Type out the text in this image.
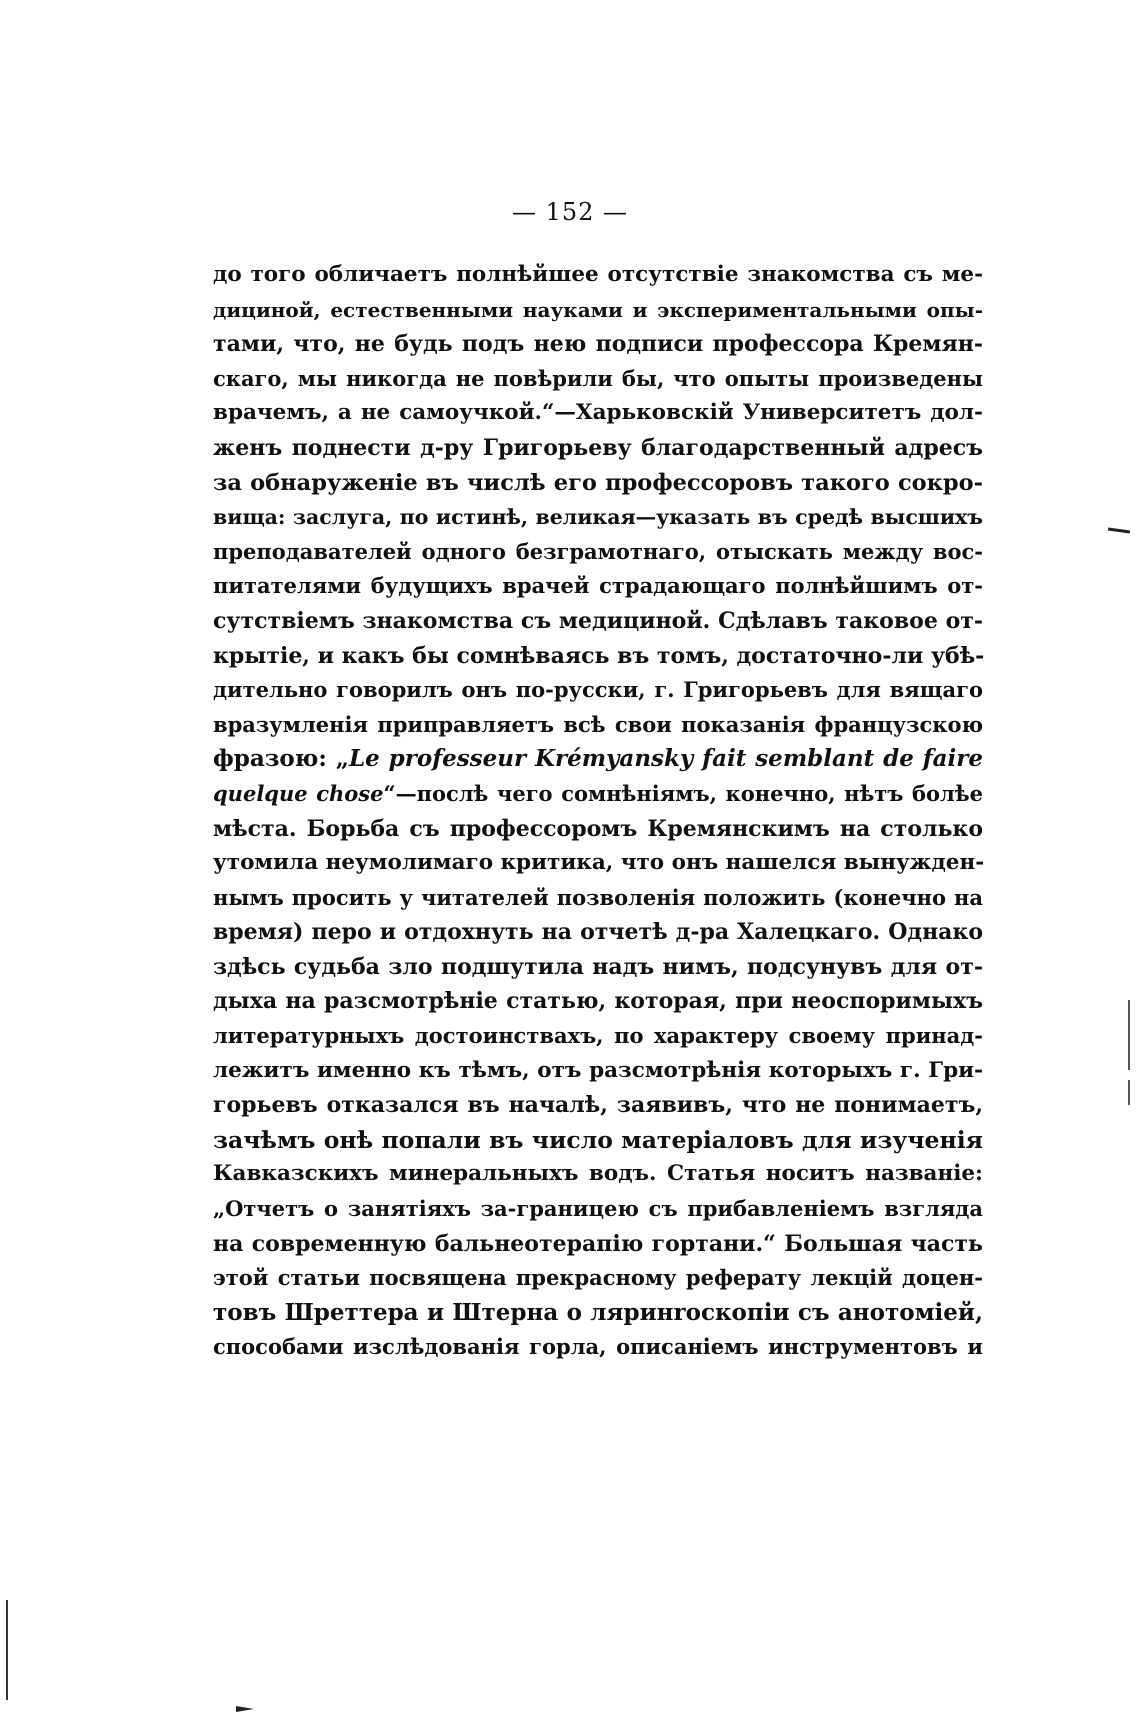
— 152 —
до того обличаетъ полнѣйшее отсутствіе знакомства съ ме-
дициной, естественными науками и экспериментальными опы-
тами, что, не будь подъ нею подписи профессора Кремян-
скаго, мы никогда не повѣрили бы, что опыты произведены
врачемъ, а не самоучкой.“—Харьковскій Университетъ дол-
женъ поднести д-ру Григорьеву благодарственный адресъ
за обнаруженіе въ числѣ его профессоровъ такого сокро-
вища: заслуга, по истинѣ, великая—указать въ средѣ высшихъ
преподавателей одного безграмотнаго, отыскать между вос-
питателями будущихъ врачей страдающаго полнѣйшимъ от-
сутствіемъ знакомства съ медициной. Сдѣлавъ таковое от-
крытіе, и какъ бы сомнѣваясь въ томъ, достаточно-ли убѣ-
дительно говорилъ онъ по-русски, г. Григорьевъ для вящаго
вразумленія приправляетъ всѣ свои показанія французскою
фразою: „Le professeur Krémyansky fait semblant de faire
quelque chose“—послѣ чего сомнѣніямъ, конечно, нѣтъ болѣе
мѣста. Борьба съ профессоромъ Кремянскимъ на столько
утомила неумолимаго критика, что онъ нашелся вынужден-
нымъ просить у читателей позволенія положить (конечно на
время) перо и отдохнуть на отчетѣ д-ра Халецкаго. Однако
здѣсь судьба зло подшутила надъ нимъ, подсунувъ для от-
дыха на разсмотрѣніе статью, которая, при неоспоримыхъ
литературныхъ достоинствахъ, по характеру своему принад-
лежитъ именно къ тѣмъ, отъ разсмотрѣнія которыхъ г. Гри-
горьевъ отказался въ началѣ, заявивъ, что не понимаетъ,
зачѣмъ онѣ попали въ число матеріаловъ для изученія
Кавказскихъ минеральныхъ водъ. Статья носитъ названіе:
„Отчетъ о занятіяхъ за-границею съ прибавленіемъ взгляда
на современную бальнеотерапію гортани.“ Большая часть
этой статьи посвящена прекрасному реферату лекцій доцен-
товъ Шреттера и Штерна о ляринrоскопіи съ анотоміей,
способами изслѣдованія горла, описаніемъ инструментовъ и
